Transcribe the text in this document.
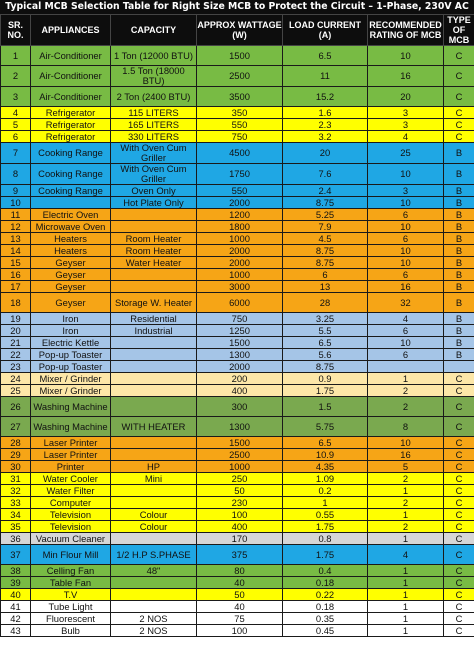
Typical MCB Selection Table for Right Size MCB to Protect the Circuit – 1-Phase, 230V AC
SR. NO.	APPLIANCES	CAPACITY	APPROX WATTAGE (W)	LOAD CURRENT (A)	RECOMMENDED RATING OF MCB	TYPE OF MCB
1	Air-Conditioner	1 Ton (12000 BTU)	1500	6.5	10	C
2	Air-Conditioner	1.5 Ton (18000 BTU)	2500	11	16	C
3	Air-Conditioner	2 Ton (2400 BTU)	3500	15.2	20	C
4	Refrigerator	115 LITERS	350	1.6	3	C
5	Refrigerator	165 LITERS	550	2.3	3	C
6	Refrigerator	330 LITERS	750	3.2	4	C
7	Cooking Range	With Oven Cum Griller	4500	20	25	B
8	Cooking Range	With Oven Cum Griller	1750	7.6	10	B
9	Cooking Range	Oven Only	550	2.4	3	B
10		Hot Plate Only	2000	8.75	10	B
11	Electric Oven		1200	5.25	6	B
12	Microwave Oven		1800	7.9	10	B
13	Heaters	Room Heater	1000	4.5	6	B
14	Heaters	Room Heater	2000	8.75	10	B
15	Geyser	Water Heater	2000	8.75	10	B
16	Geyser		1000	6	6	B
17	Geyser		3000	13	16	B
18	Geyser	Storage W. Heater	6000	28	32	B
19	Iron	Residential	750	3.25	4	B
20	Iron	Industrial	1250	5.5	6	B
21	Electric Kettle		1500	6.5	10	B
22	Pop-up Toaster		1300	5.6	6	B
23	Pop-up Toaster		2000	8.75		
24	Mixer / Grinder		200	0.9	1	C
25	Mixer / Grinder		400	1.75	2	C
26	Washing Machine		300	1.5	2	C
27	Washing Machine	WITH HEATER	1300	5.75	8	C
28	Laser Printer		1500	6.5	10	C
29	Laser Printer		2500	10.9	16	C
30	Printer	HP	1000	4.35	5	C
31	Water Cooler	Mini	250	1.09	2	C
32	Water Filter		50	0.2	1	C
33	Computer		230	1	2	C
34	Television	Colour	100	0.55	1	C
35	Television	Colour	400	1.75	2	C
36	Vacuum Cleaner		170	0.8	1	C
37	Min Flour Mill	1/2 H.P S.PHASE	375	1.75	4	C
38	Celling Fan	48"	80	0.4	1	C
39	Table Fan		40	0.18	1	C
40	T.V		50	0.22	1	C
41	Tube Light		40	0.18	1	C
42	Fluorescent	2 NOS	75	0.35	1	C
43	Bulb	2 NOS	100	0.45	1	C
